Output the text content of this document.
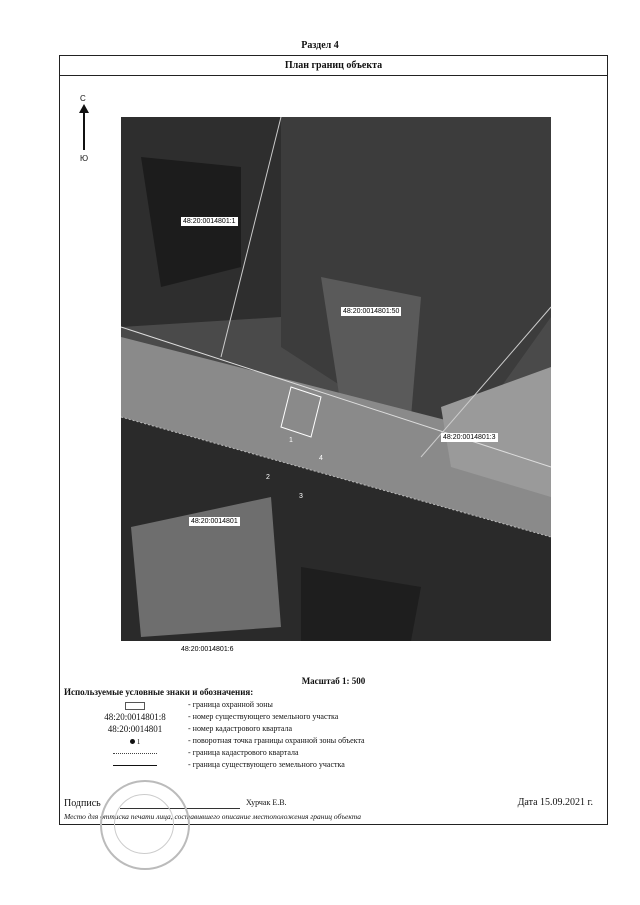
Раздел 4
План границ объекта
С
Ю
48:20:0014801:1
48:20:0014801:50
48:20:0014801:3
48:20:0014801
48:20:0014801:6
1
2
3
4
Масштаб 1: 500
Используемые условные знаки и обозначения:
- граница охранной зоны
48:20:0014801:8	- номер существующего земельного участка
48:20:0014801	- номер кадастрового квартала
1	- поворотная точка границы охранной зоны объекта
- граница кадастрового квартала
- граница существующего земельного участка
Подпись	Хурчак Е.В.	Дата 15.09.2021 г.
Место для оттиска печати лица, составившего описание местоположения границ объекта
